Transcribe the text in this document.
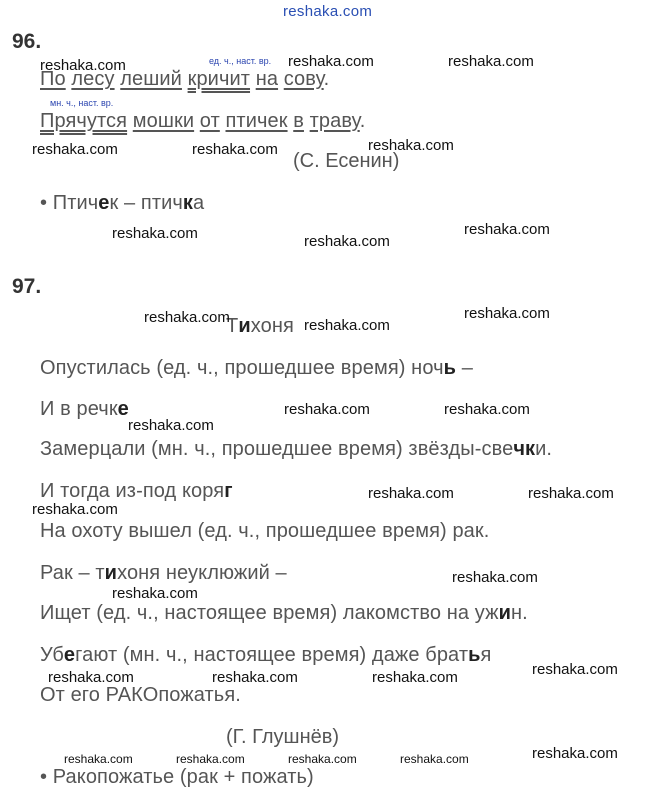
reshaka.com
96.
ед. ч., наст. вр.
мн. ч., наст. вр.
По лесу леший кричит на сову.
Прячутся мошки от птичек в траву.
(С. Есенин)
• Птичек – птичка
97.
Тихоня
Опустилась (ед. ч., прошедшее время) ночь –
И в речке
Замерцали (мн. ч., прошедшее время) звёзды-свечки.
И тогда из-под коряг
На охоту вышел (ед. ч., прошедшее время) рак.
Рак – тихоня неуклюжий –
Ищет (ед. ч., настоящее время) лакомство на ужин.
Убегают (мн. ч., настоящее время) даже братья
От его РАКОпожатья.
(Г. Глушнёв)
• Ракопожатье (рак + пожать)
reshaka.com	reshaka.com	reshaka.com
reshaka.com	reshaka.com	reshaka.com
reshaka.com	reshaka.com
reshaka.com
reshaka.com	reshaka.com
reshaka.com
reshaka.com
reshaka.com	reshaka.com
reshaka.com
reshaka.com	reshaka.com
reshaka.com
reshaka.com
reshaka.com
reshaka.com	reshaka.com	reshaka.com
reshaka.com	reshaka.com	reshaka.com	reshaka.com	reshaka.com
